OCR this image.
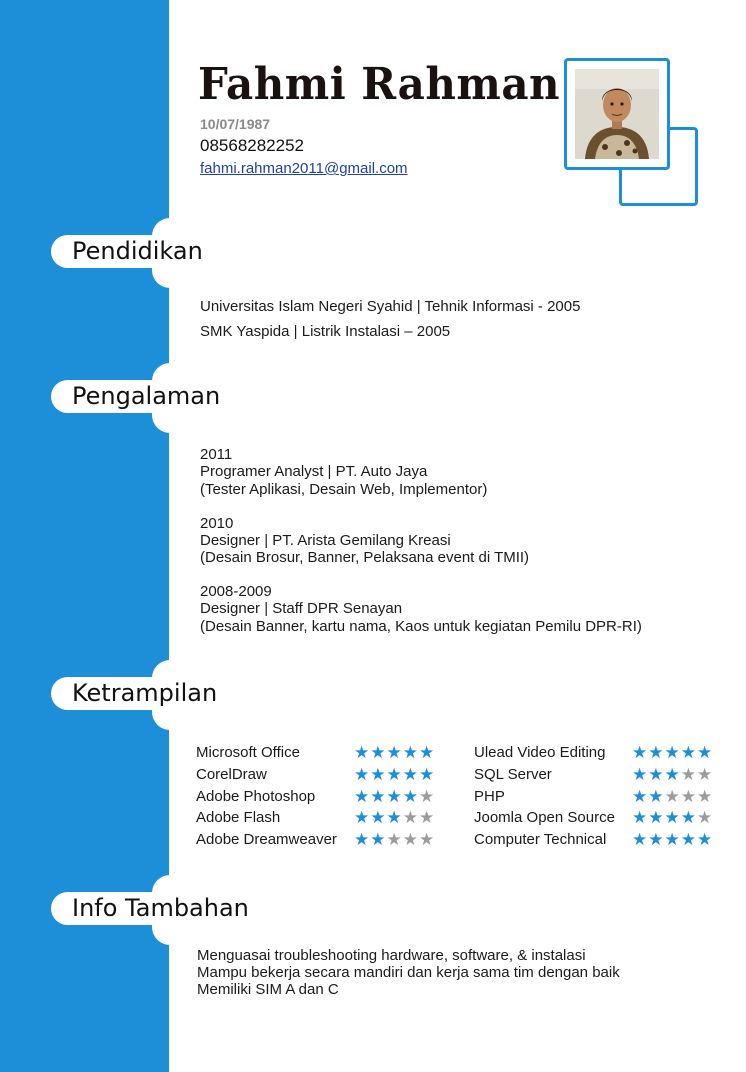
Fahmi Rahman
10/07/1987
08568282252
fahmi.rahman2011@gmail.com
Pendidikan
Universitas Islam Negeri Syahid | Tehnik Informasi - 2005
SMK Yaspida | Listrik Instalasi – 2005
Pengalaman
2011
Programer Analyst | PT. Auto Jaya
(Tester Aplikasi, Desain Web, Implementor)
2010
Designer | PT. Arista Gemilang Kreasi
(Desain Brosur, Banner, Pelaksana event di TMII)
2008-2009
Designer | Staff DPR Senayan
(Desain Banner, kartu nama, Kaos untuk kegiatan Pemilu DPR-RI)
Ketrampilan
Microsoft Office	★★★★★
CorelDraw	★★★★★
Adobe Photoshop ★★★★★
Adobe Flash	★★★★★
Adobe Dreamweaver ★★★★★
Ulead Video Editing ★★★★★
SQL Server	★★★★★
PHP	★★★★★
Joomla Open Source ★★★★★
Computer Technical ★★★★★
Info Tambahan
Menguasai troubleshooting hardware, software, & instalasi
Mampu bekerja secara mandiri dan kerja sama tim dengan baik
Memiliki SIM A dan C
